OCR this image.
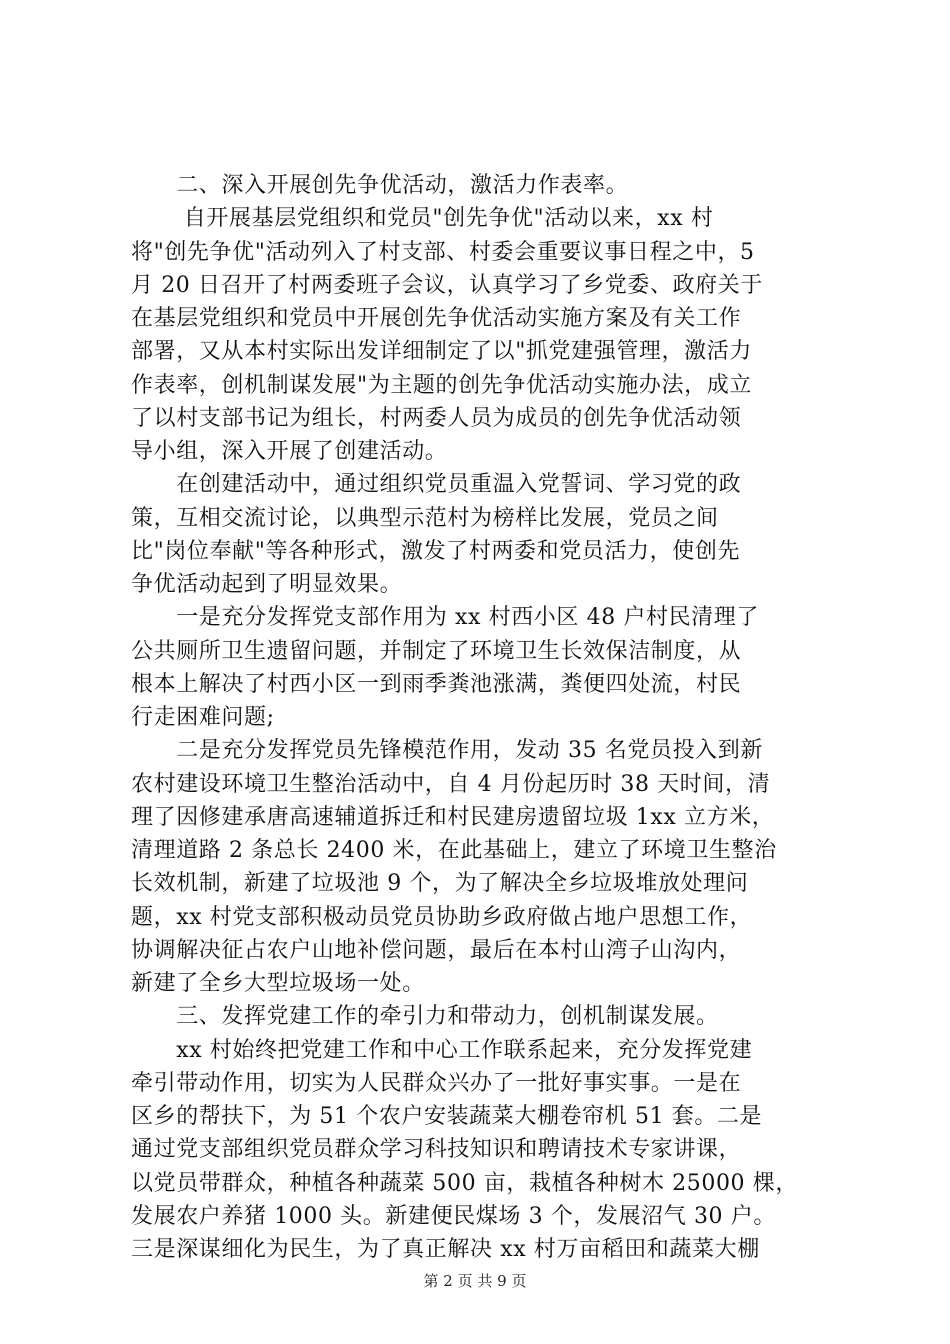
　　二、深入开展创先争优活动，激活力作表率。
　　 自开展基层党组织和党员"创先争优"活动以来，xx 村
将"创先争优"活动列入了村支部、村委会重要议事日程之中，5
月 20 日召开了村两委班子会议，认真学习了乡党委、政府关于
在基层党组织和党员中开展创先争优活动实施方案及有关工作
部署，又从本村实际出发详细制定了以"抓党建强管理，激活力
作表率，创机制谋发展"为主题的创先争优活动实施办法，成立
了以村支部书记为组长，村两委人员为成员的创先争优活动领
导小组，深入开展了创建活动。
　　在创建活动中，通过组织党员重温入党誓词、学习党的政
策，互相交流讨论，以典型示范村为榜样比发展，党员之间
比"岗位奉献"等各种形式，激发了村两委和党员活力，使创先
争优活动起到了明显效果。
　　一是充分发挥党支部作用为 xx 村西小区 48 户村民清理了
公共厕所卫生遗留问题，并制定了环境卫生长效保洁制度，从
根本上解决了村西小区一到雨季粪池涨满，粪便四处流，村民
行走困难问题;
　　二是充分发挥党员先锋模范作用，发动 35 名党员投入到新
农村建设环境卫生整治活动中，自 4 月份起历时 38 天时间，清
理了因修建承唐高速辅道拆迁和村民建房遗留垃圾 1xx 立方米，
清理道路 2 条总长 2400 米，在此基础上，建立了环境卫生整治
长效机制，新建了垃圾池 9 个，为了解决全乡垃圾堆放处理问
题，xx 村党支部积极动员党员协助乡政府做占地户思想工作，
协调解决征占农户山地补偿问题，最后在本村山湾子山沟内，
新建了全乡大型垃圾场一处。
　　三、发挥党建工作的牵引力和带动力，创机制谋发展。
　　xx 村始终把党建工作和中心工作联系起来，充分发挥党建
牵引带动作用，切实为人民群众兴办了一批好事实事。一是在
区乡的帮扶下，为 51 个农户安装蔬菜大棚卷帘机 51 套。二是
通过党支部组织党员群众学习科技知识和聘请技术专家讲课，
以党员带群众，种植各种蔬菜 500 亩，栽植各种树木 25000 棵，
发展农户养猪 1000 头。新建便民煤场 3 个，发展沼气 30 户。
三是深谋细化为民生，为了真正解决 xx 村万亩稻田和蔬菜大棚
第 2 页 共 9 页
